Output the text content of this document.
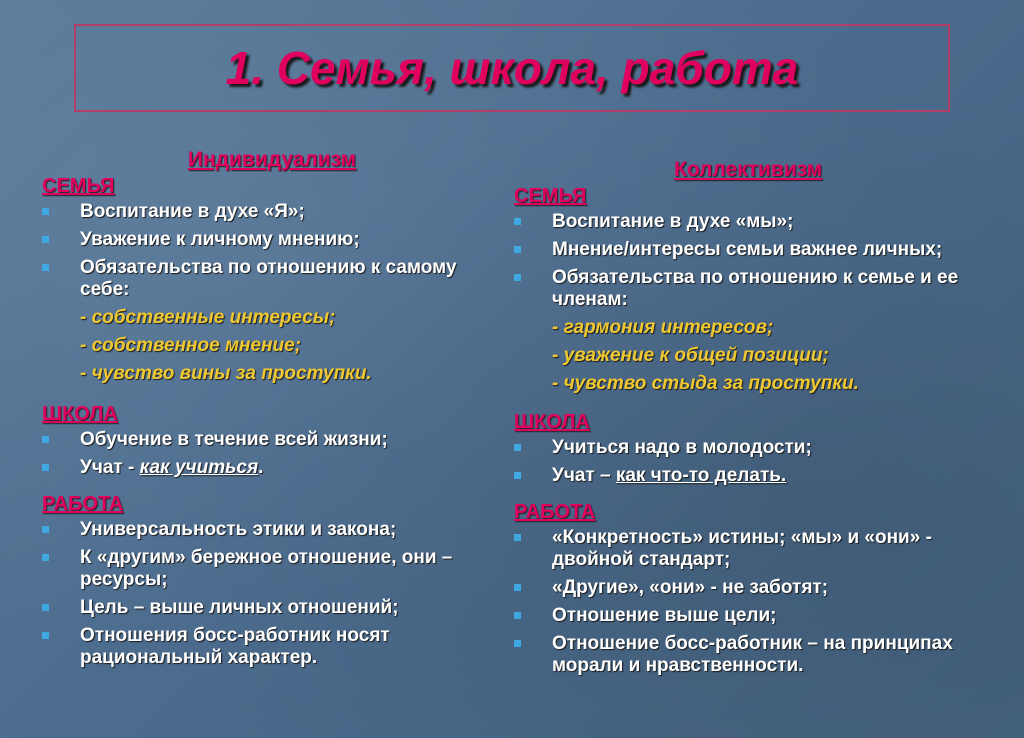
1. Семья, школа, работа
Индивидуализм
СЕМЬЯ
Воспитание в духе «Я»;
Уважение к личному мнению;
Обязательства по отношению к самому себе:
- собственные интересы;
- собственное мнение;
- чувство вины за проступки.
ШКОЛА
Обучение в течение всей жизни;
Учат - как учиться.
РАБОТА
Универсальность этики и закона;
К «другим» бережное отношение, они – ресурсы;
Цель – выше личных отношений;
Отношения босс-работник носят рациональный характер.
Коллективизм
СЕМЬЯ
Воспитание в духе «мы»;
Мнение/интересы семьи важнее личных;
Обязательства по отношению к семье и ее членам:
- гармония интересов;
- уважение к общей позиции;
- чувство стыда за проступки.
ШКОЛА
Учиться надо в молодости;
Учат – как что-то делать.
РАБОТА
«Конкретность» истины; «мы» и «они» - двойной стандарт;
«Другие», «они» - не заботят;
Отношение выше цели;
Отношение босс-работник – на принципах морали и нравственности.
